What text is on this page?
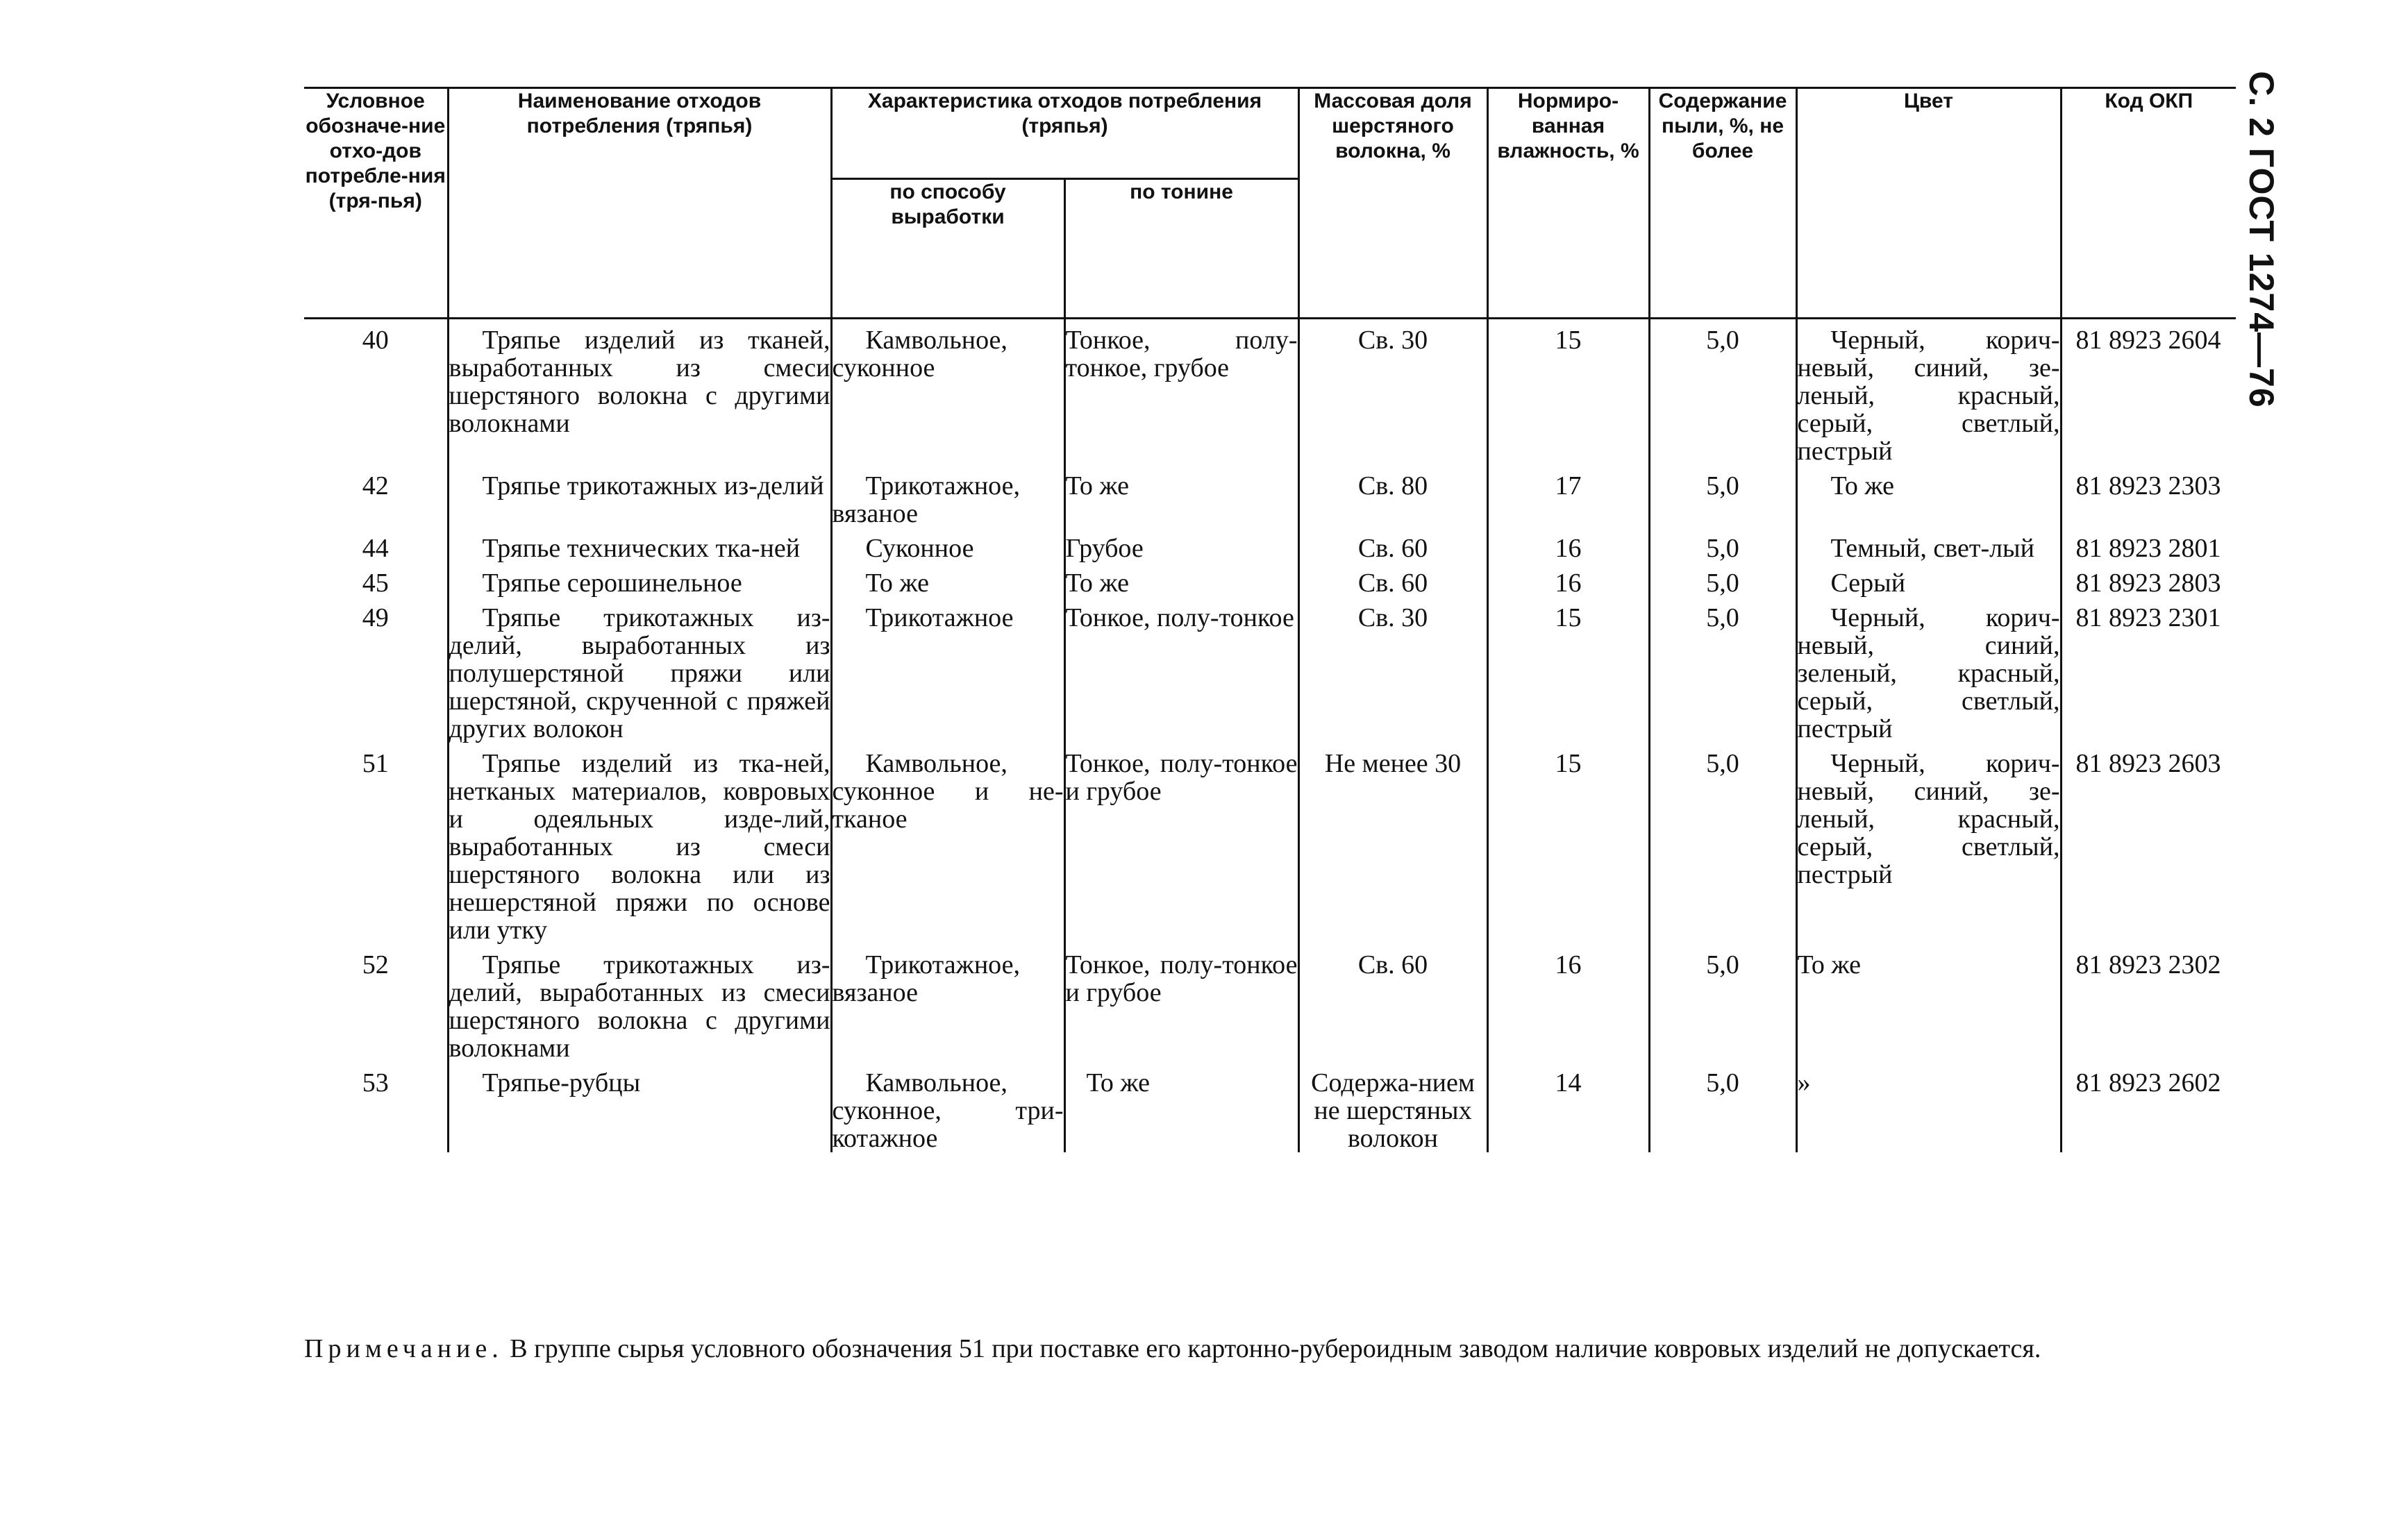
С. 2 ГОСТ 1274—76
Условное обозначе-ние отхо-дов потребле-ния (тря-пья)	Наименование отходов потребления (тряпья)	Характеристика отходов потребления (тряпья)		Массовая доля шерстяного волокна, %	Нормиро-ванная влажность, %	Содержание пыли, %, не более	Цвет	Код ОКП
		по способу выработки	по тонине					
40	Тряпье изделий из тканей, выработанных из смеси шерстяного волокна с другими волокнами	Камвольное, суконное	Тонкое, полу-тонкое, грубое	Св. 30	15	5,0	Черный, корич-невый, синий, зе-леный, красный, серый, светлый, пестрый	81 8923 2604
42	Тряпье трикотажных из-делий	Трикотажное, вязаное	То же	Св. 80	17	5,0	То же	81 8923 2303
44	Тряпье технических тка-ней	Суконное	Грубое	Св. 60	16	5,0	Темный, свет-лый	81 8923 2801
45	Тряпье серошинельное	То же	То же	Св. 60	16	5,0	Серый	81 8923 2803
49	Тряпье трикотажных из-делий, выработанных из полушерстяной пряжи или шерстяной, скрученной с пряжей других волокон	Трикотажное	Тонкое, полу-тонкое	Св. 30	15	5,0	Черный, корич-невый, синий, зеленый, красный, серый, светлый, пестрый	81 8923 2301
51	Тряпье изделий из тка-ней, нетканых материалов, ковровых и одеяльных изде-лий, выработанных из смеси шерстяного волокна или из нешерстяной пряжи по основе или утку	Камвольное, суконное и не-тканое	Тонкое, полу-тонкое и грубое	Не менее 30	15	5,0	Черный, корич-невый, синий, зе-леный, красный, серый, светлый, пестрый	81 8923 2603
52	Тряпье трикотажных из-делий, выработанных из смеси шерстяного волокна с другими волокнами	Трикотажное, вязаное	Тонкое, полу-тонкое и грубое	Св. 60	16	5,0	То же	81 8923 2302
53	Тряпье-рубцы	Камвольное, суконное, три-котажное	То же	Содержа-нием не шерстяных волокон	14	5,0	»	81 8923 2602
Примечание. В группе сырья условного обозначения 51 при поставке его картонно-рубероидным заводом наличие ковровых изделий не допускается.
